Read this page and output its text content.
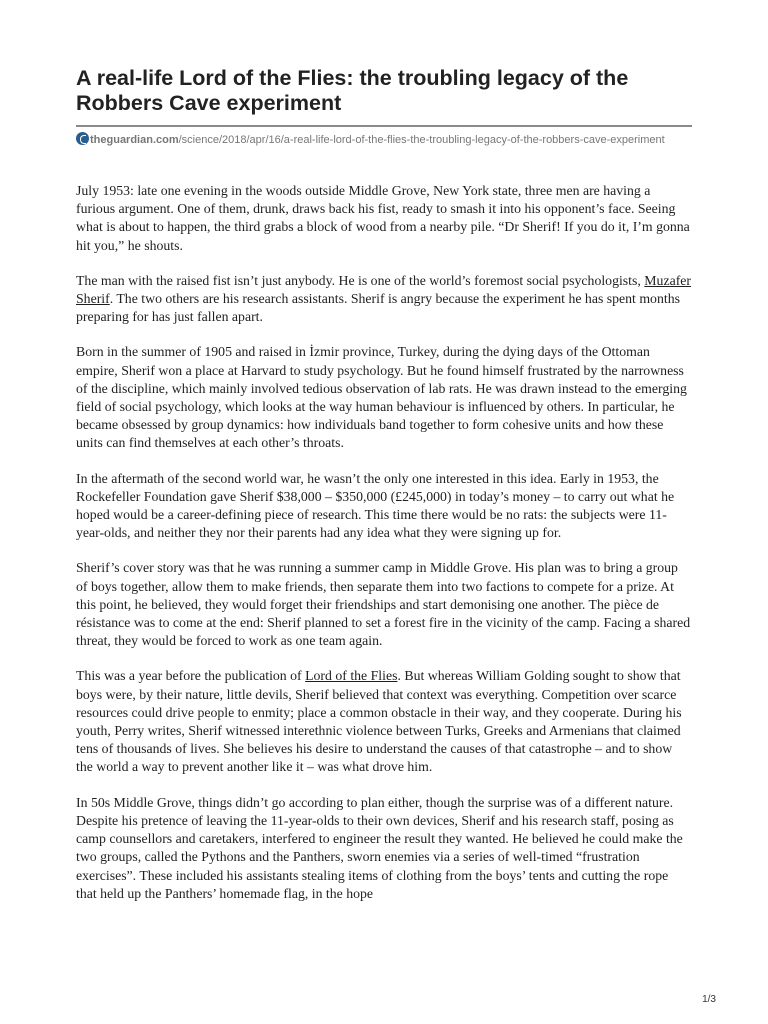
A real-life Lord of the Flies: the troubling legacy of the Robbers Cave experiment
theguardian.com/science/2018/apr/16/a-real-life-lord-of-the-flies-the-troubling-legacy-of-the-robbers-cave-experiment

July 1953: late one evening in the woods outside Middle Grove, New York state, three men are having a furious argument. One of them, drunk, draws back his fist, ready to smash it into his opponent’s face. Seeing what is about to happen, the third grabs a block of wood from a nearby pile. “Dr Sherif! If you do it, I’m gonna hit you,” he shouts.

The man with the raised fist isn’t just anybody. He is one of the world’s foremost social psychologists, Muzafer Sherif. The two others are his research assistants. Sherif is angry because the experiment he has spent months preparing for has just fallen apart.

Born in the summer of 1905 and raised in İzmir province, Turkey, during the dying days of the Ottoman empire, Sherif won a place at Harvard to study psychology. But he found himself frustrated by the narrowness of the discipline, which mainly involved tedious observation of lab rats. He was drawn instead to the emerging field of social psychology, which looks at the way human behaviour is influenced by others. In particular, he became obsessed by group dynamics: how individuals band together to form cohesive units and how these units can find themselves at each other’s throats.

In the aftermath of the second world war, he wasn’t the only one interested in this idea. Early in 1953, the Rockefeller Foundation gave Sherif $38,000 – $350,000 (£245,000) in today’s money – to carry out what he hoped would be a career-defining piece of research. This time there would be no rats: the subjects were 11-year-olds, and neither they nor their parents had any idea what they were signing up for.

Sherif’s cover story was that he was running a summer camp in Middle Grove. His plan was to bring a group of boys together, allow them to make friends, then separate them into two factions to compete for a prize. At this point, he believed, they would forget their friendships and start demonising one another. The pièce de résistance was to come at the end: Sherif planned to set a forest fire in the vicinity of the camp. Facing a shared threat, they would be forced to work as one team again.

This was a year before the publication of Lord of the Flies. But whereas William Golding sought to show that boys were, by their nature, little devils, Sherif believed that context was everything. Competition over scarce resources could drive people to enmity; place a common obstacle in their way, and they cooperate. During his youth, Perry writes, Sherif witnessed interethnic violence between Turks, Greeks and Armenians that claimed tens of thousands of lives. She believes his desire to understand the causes of that catastrophe – and to show the world a way to prevent another like it – was what drove him.

In 50s Middle Grove, things didn’t go according to plan either, though the surprise was of a different nature. Despite his pretence of leaving the 11-year-olds to their own devices, Sherif and his research staff, posing as camp counsellors and caretakers, interfered to engineer the result they wanted. He believed he could make the two groups, called the Pythons and the Panthers, sworn enemies via a series of well-timed “frustration exercises”. These included his assistants stealing items of clothing from the boys’ tents and cutting the rope that held up the Panthers’ homemade flag, in the hope

1/3
